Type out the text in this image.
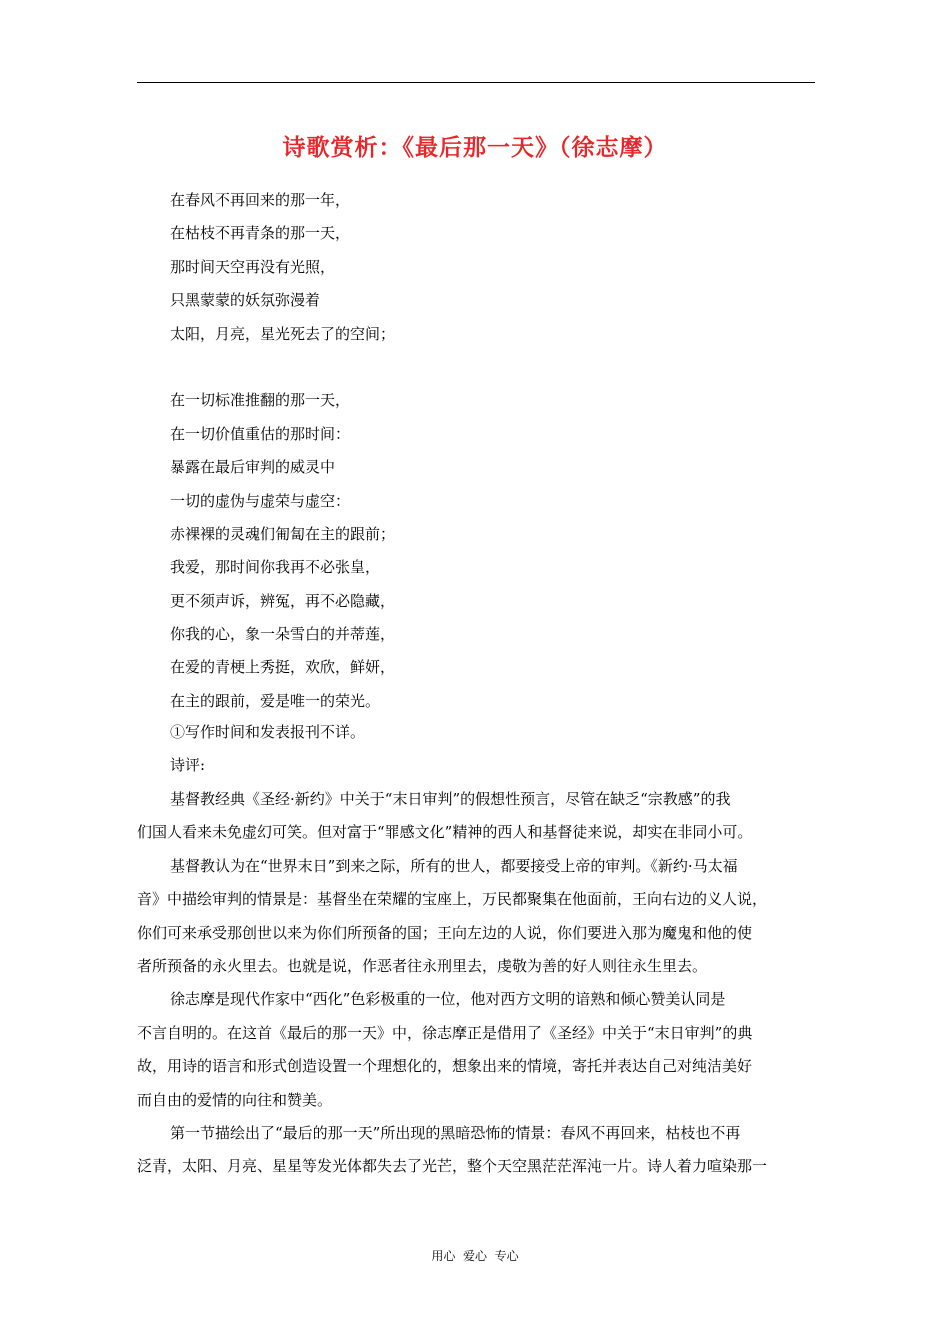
诗歌赏析：《最后那一天》（徐志摩）
在春风不再回来的那一年，
在枯枝不再青条的那一天，
那时间天空再没有光照，
只黑蒙蒙的妖氛弥漫着
太阳，月亮，星光死去了的空间；
在一切标准推翻的那一天，
在一切价值重估的那时间：
暴露在最后审判的威灵中
一切的虚伪与虚荣与虚空：
赤裸裸的灵魂们匍匐在主的跟前；
我爱，那时间你我再不必张皇，
更不须声诉，辨冤，再不必隐藏，
你我的心，象一朵雪白的并蒂莲，
在爱的青梗上秀挺，欢欣，鲜妍，
在主的跟前，爱是唯一的荣光。
①写作时间和发表报刊不详。
诗评:
基督教经典《圣经·新约》中关于“末日审判”的假想性预言，尽管在缺乏“宗教感”的我
们国人看来未免虚幻可笑。但对富于“罪感文化”精神的西人和基督徒来说，却实在非同小可。
基督教认为在“世界末日”到来之际，所有的世人，都要接受上帝的审判。《新约·马太福
音》中描绘审判的情景是：基督坐在荣耀的宝座上，万民都聚集在他面前，王向右边的义人说，
你们可来承受那创世以来为你们所预备的国；王向左边的人说，你们要进入那为魔鬼和他的使
者所预备的永火里去。也就是说，作恶者往永刑里去，虔敬为善的好人则往永生里去。
徐志摩是现代作家中“西化”色彩极重的一位，他对西方文明的谙熟和倾心赞美认同是
不言自明的。在这首《最后的那一天》中，徐志摩正是借用了《圣经》中关于“末日审判”的典
故，用诗的语言和形式创造设置一个理想化的，想象出来的情境，寄托并表达自己对纯洁美好
而自由的爱情的向往和赞美。
第一节描绘出了“最后的那一天”所出现的黑暗恐怖的情景：春风不再回来，枯枝也不再
泛青，太阳、月亮、星星等发光体都失去了光芒，整个天空黑茫茫浑沌一片。诗人着力喧染那一
用心  爱心  专心
